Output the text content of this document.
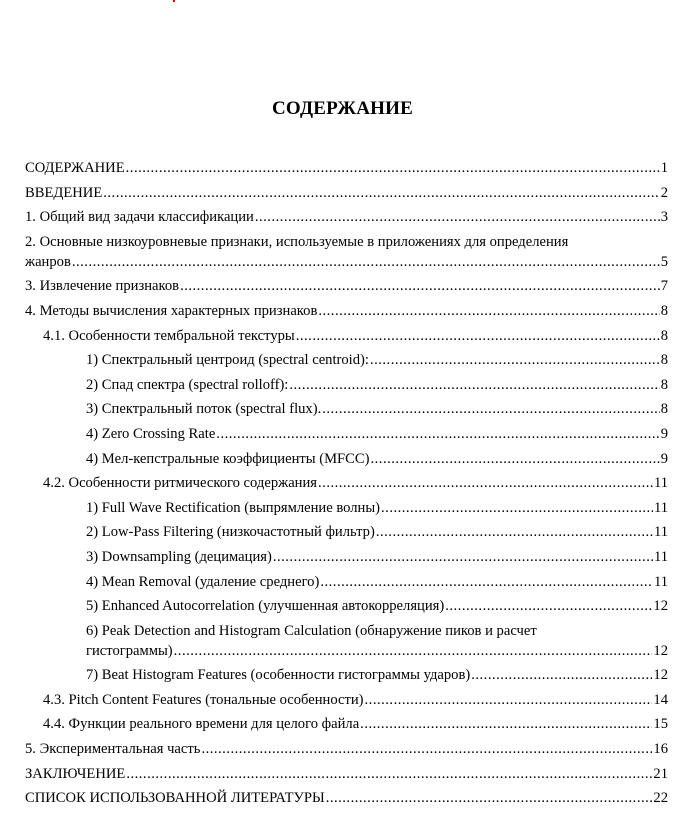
СОДЕРЖАНИЕ
СОДЕРЖАНИЕ .....	1
ВВЕДЕНИЕ .....	2
1. Общий вид задачи классификации .....	3
2. Основные низкоуровневые признаки, используемые в приложениях для определения
жанров .....	5
3. Извлечение признаков .....	7
4. Методы вычисления характерных признаков .....	8
4.1. Особенности тембральной текстуры .....	8
1) Спектральный центроид (spectral centroid): .....	8
2) Спад спектра (spectral rolloff): .....	8
3) Спектральный поток (spectral flux). .....	8
4) Zero Crossing Rate .....	9
4) Мел-кепстральные коэффициенты (MFCC) .....	9
4.2. Особенности ритмического содержания .....	11
1) Full Wave Rectification (выпрямление волны) .....	11
2) Low-Pass Filtering (низкочастотный фильтр) .....	11
3) Downsampling (децимация) .....	11
4) Mean Removal (удаление среднего) .....	11
5) Enhanced Autocorrelation (улучшенная автокорреляция) .....	12
6) Peak Detection and Histogram Calculation (обнаружение пиков и расчет
гистограммы) .....	12
7) Beat Histogram Features (особенности гистограммы ударов) .....	12
4.3. Pitch Content Features (тональные особенности) .....	14
4.4. Функции реального времени для целого файла .....	15
5. Экспериментальная часть .....	16
ЗАКЛЮЧЕНИЕ .....	21
СПИСОК ИСПОЛЬЗОВАННОЙ ЛИТЕРАТУРЫ .....	22
